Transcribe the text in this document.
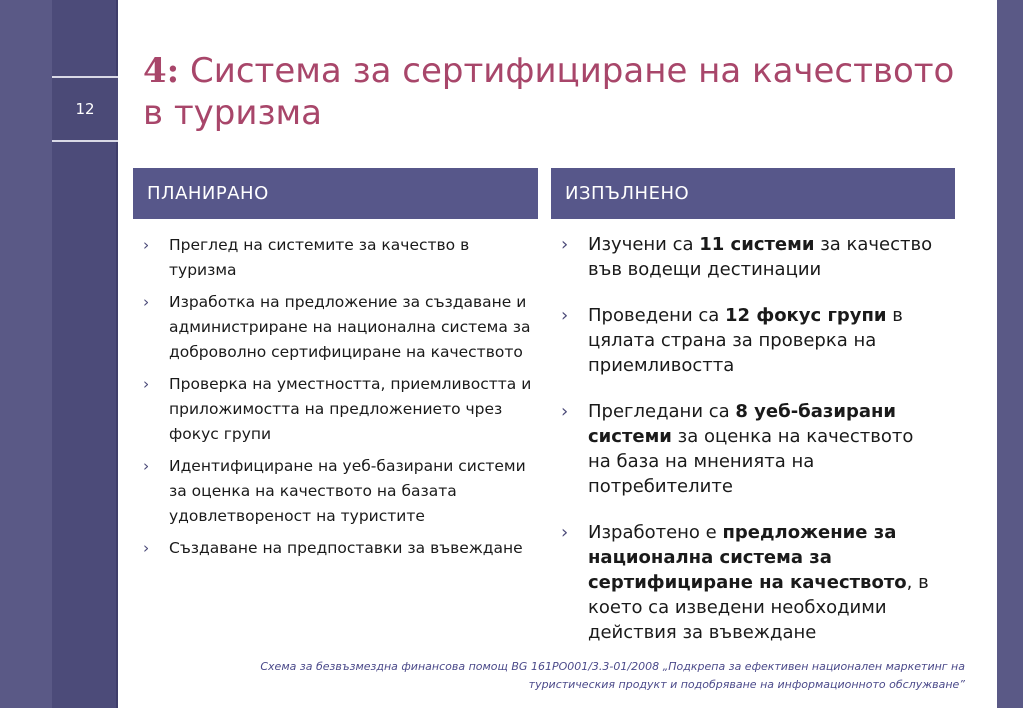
12
4: Система за сертифициране на качеството в туризма
ПЛАНИРАНО	ИЗПЪЛНЕНО
› Преглед на системите за качество в туризма
› Изработка на предложение за създаване и администриране на национална система за доброволно сертифициране на качеството
› Проверка на уместността, приемливостта и приложимостта на предложението чрез фокус групи
› Идентифициране на уеб-базирани системи за оценка на качеството на базата удовлетвореност на туристите
› Създаване на предпоставки за въвеждане
› Изучени са 11 системи за качество във водещи дестинации
› Проведени са 12 фокус групи в цялата страна за проверка на приемливостта
› Прегледани са 8 уеб-базирани системи за оценка на качеството на база на мненията на потребителите
› Изработено е предложение за национална система за сертифициране на качеството, в което са изведени необходими действия за въвеждане
Схема за безвъзмездна финансова помощ BG 161PO001/3.3-01/2008 „Подкрепа за ефективен национален маркетинг на
туристическия продукт и подобряване на информационното обслужване”
